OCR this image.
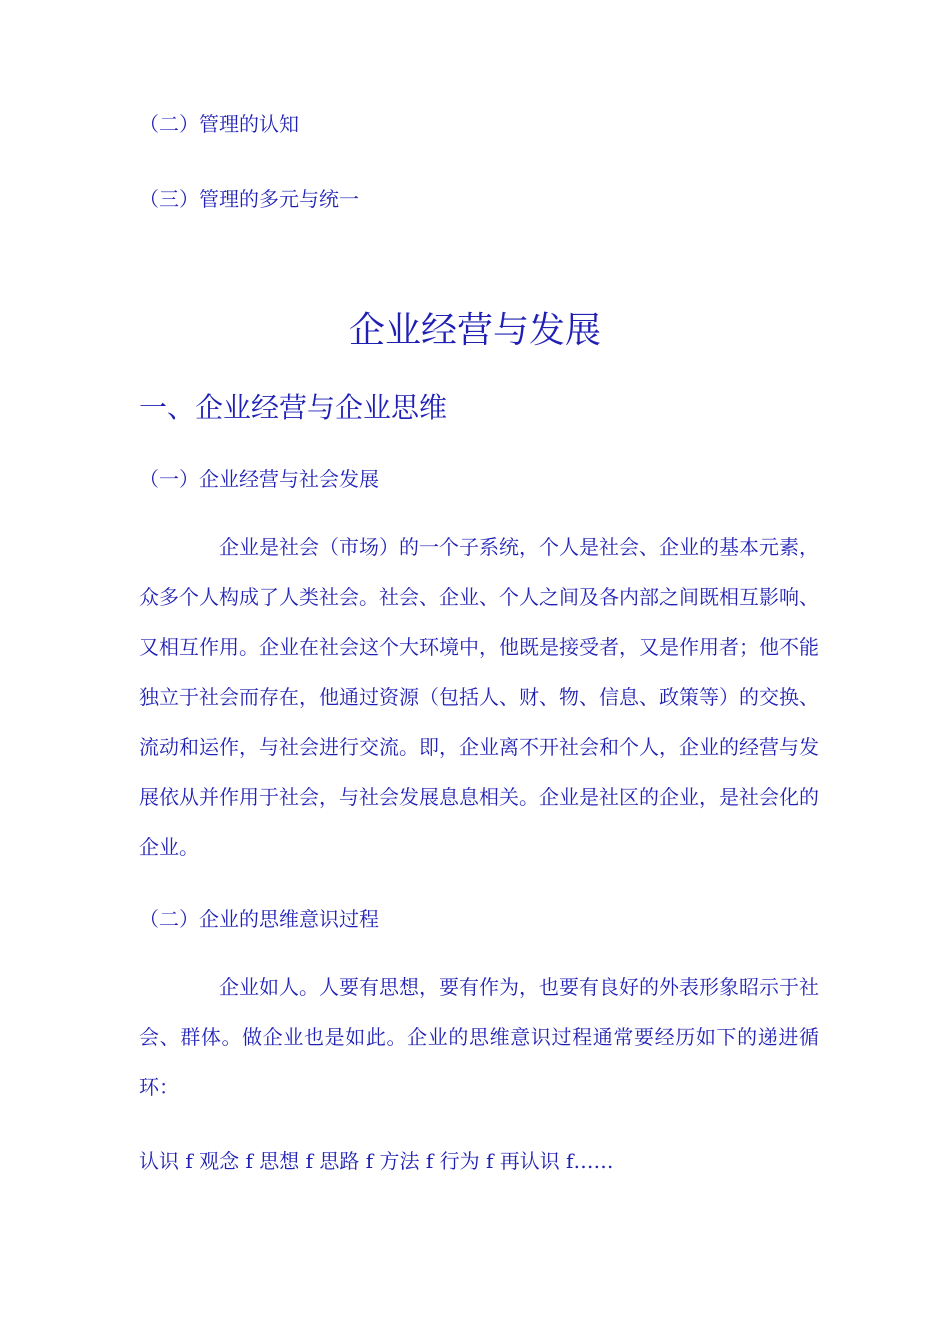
（二）管理的认知
（三）管理的多元与统一
企业经营与发展
一、企业经营与企业思维
（一）企业经营与社会发展
企业是社会（市场）的一个子系统，个人是社会、企业的基本元素，众多个人构成了人类社会。社会、企业、个人之间及各内部之间既相互影响、又相互作用。企业在社会这个大环境中，他既是接受者，又是作用者；他不能独立于社会而存在，他通过资源（包括人、财、物、信息、政策等）的交换、流动和运作，与社会进行交流。即，企业离不开社会和个人，企业的经营与发展依从并作用于社会，与社会发展息息相关。企业是社区的企业，是社会化的企业。
（二）企业的思维意识过程
企业如人。人要有思想，要有作为，也要有良好的外表形象昭示于社会、群体。做企业也是如此。企业的思维意识过程通常要经历如下的递进循环：
认识 f 观念 f 思想 f 思路 f 方法 f 行为 f 再认识 f……
